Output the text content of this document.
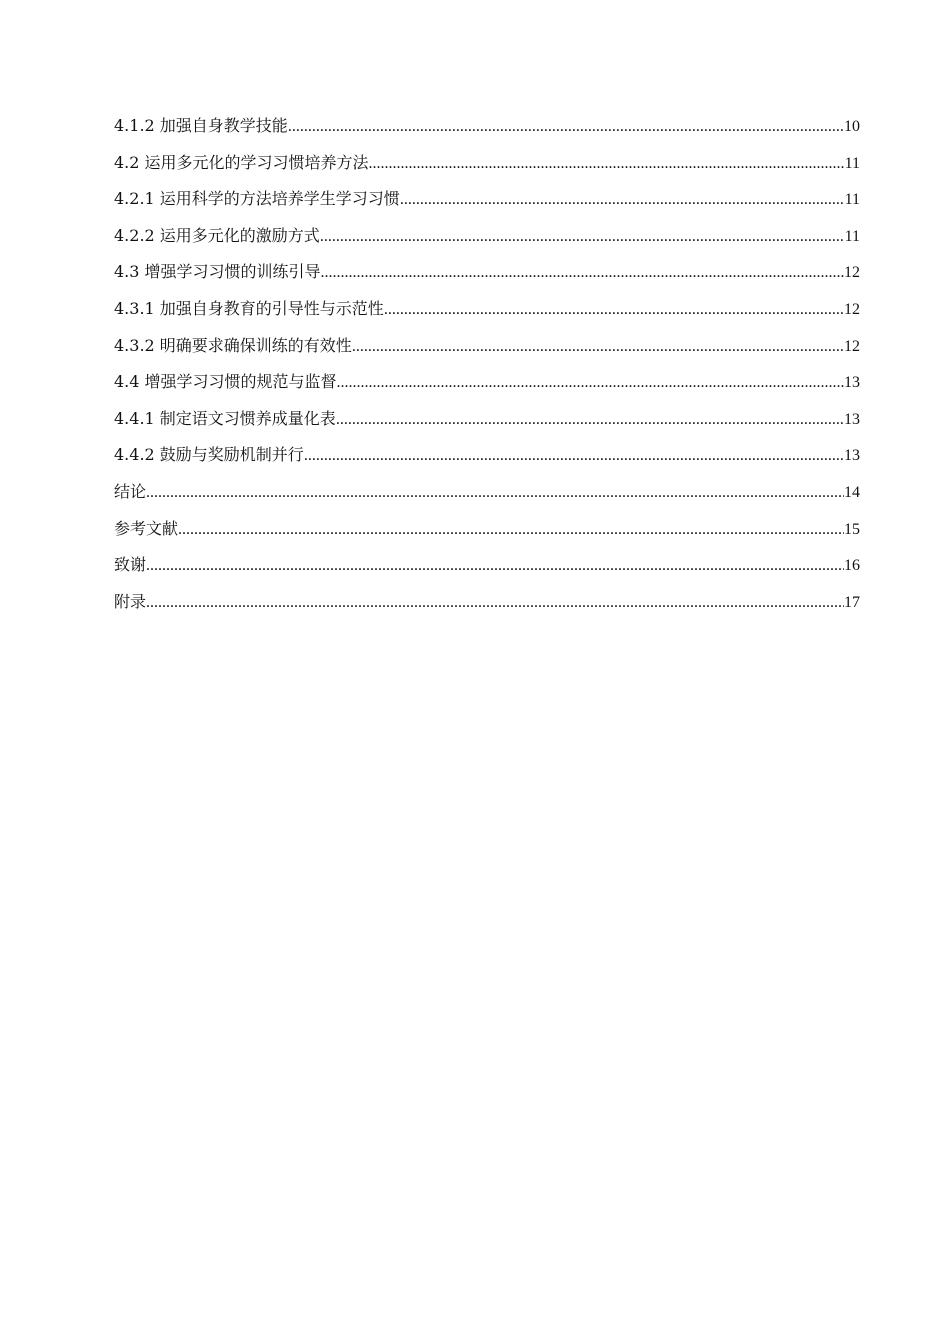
4.1.2 加强自身教学技能 .....	10
4.2 运用多元化的学习习惯培养方法 .....	11
4.2.1 运用科学的方法培养学生学习习惯 .....	11
4.2.2 运用多元化的激励方式 .....	11
4.3 增强学习习惯的训练引导 .....	12
4.3.1 加强自身教育的引导性与示范性 .....	12
4.3.2 明确要求确保训练的有效性 .....	12
4.4 增强学习习惯的规范与监督 .....	13
4.4.1 制定语文习惯养成量化表 .....	13
4.4.2 鼓励与奖励机制并行 .....	13
结论 .....	14
参考文献 .....	15
致谢 .....	16
附录 .....	17
